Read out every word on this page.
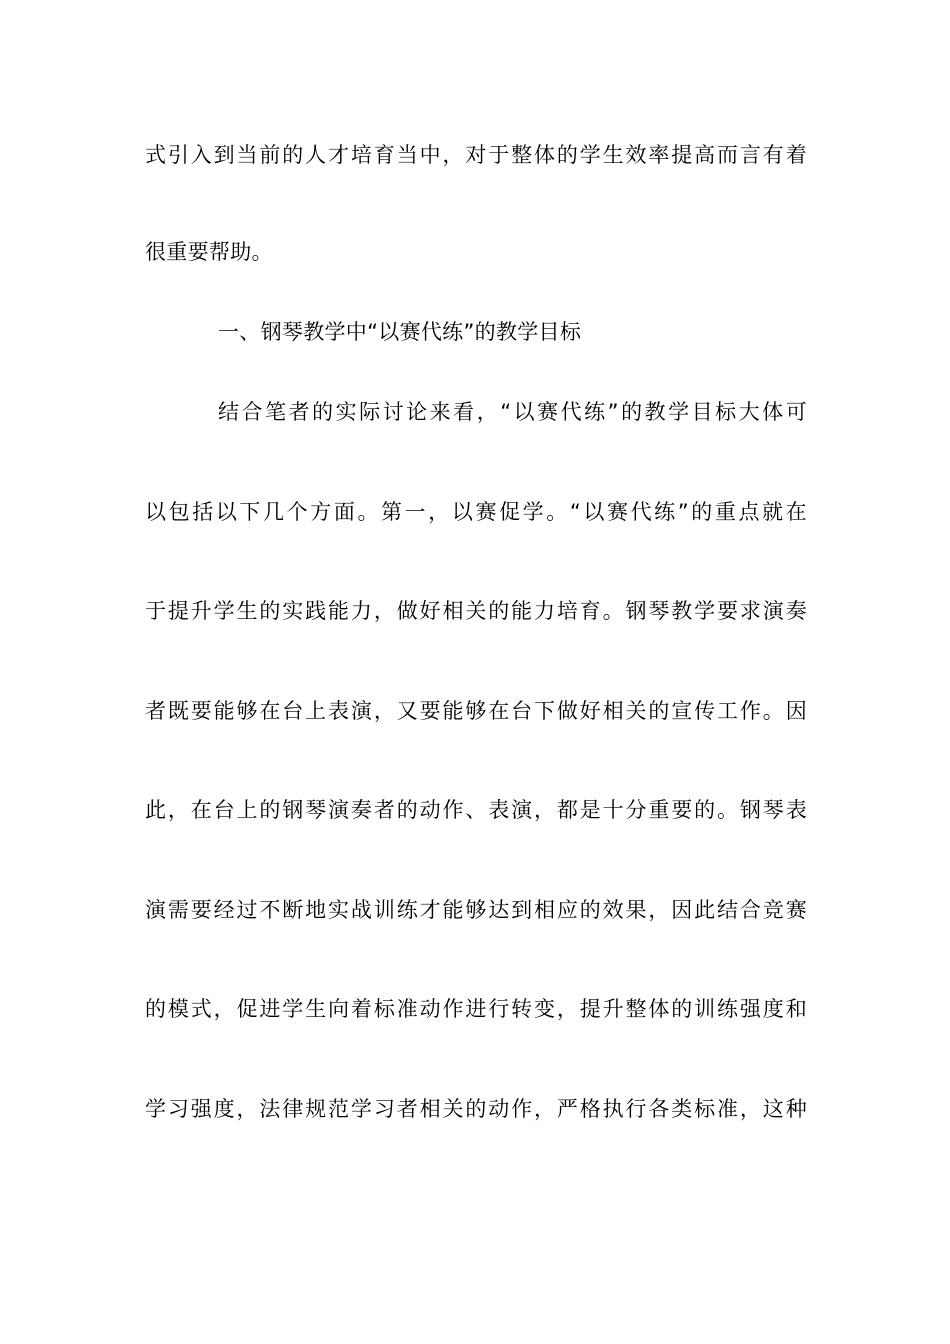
式引入到当前的人才培育当中，对于整体的学生效率提高而言有着
很重要帮助。
一、钢琴教学中“以赛代练”的教学目标
结合笔者的实际讨论来看，“以赛代练”的教学目标大体可
以包括以下几个方面。第一，以赛促学。“以赛代练”的重点就在
于提升学生的实践能力，做好相关的能力培育。钢琴教学要求演奏
者既要能够在台上表演，又要能够在台下做好相关的宣传工作。因
此，在台上的钢琴演奏者的动作、表演，都是十分重要的。钢琴表
演需要经过不断地实战训练才能够达到相应的效果，因此结合竞赛
的模式，促进学生向着标准动作进行转变，提升整体的训练强度和
学习强度，法律规范学习者相关的动作，严格执行各类标准，这种
